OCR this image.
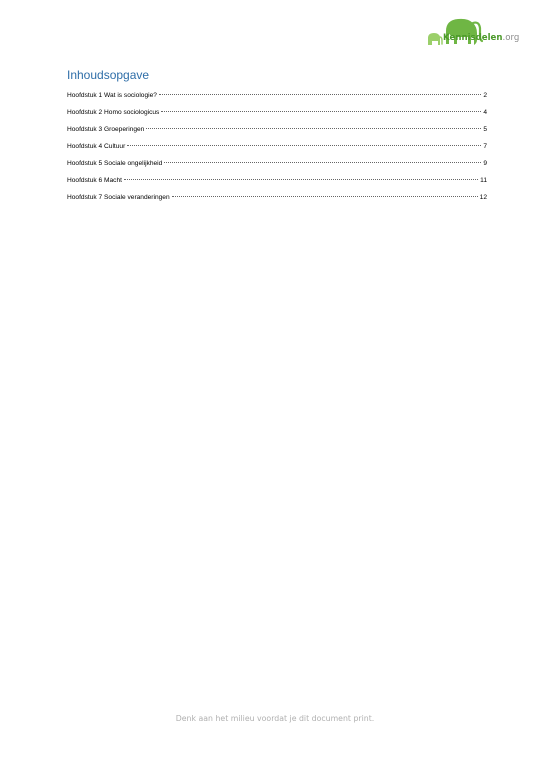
Kennisdelen.org
Inhoudsopgave
Hoofdstuk 1 Wat is sociologie?	2
Hoofdstuk 2 Homo sociologicus	4
Hoofdstuk 3 Groeperingen	5
Hoofdstuk 4 Cultuur	7
Hoofdstuk 5 Sociale ongelijkheid	9
Hoofdstuk 6 Macht	11
Hoofdstuk 7 Sociale veranderingen	12
Denk aan het milieu voordat je dit document print.
